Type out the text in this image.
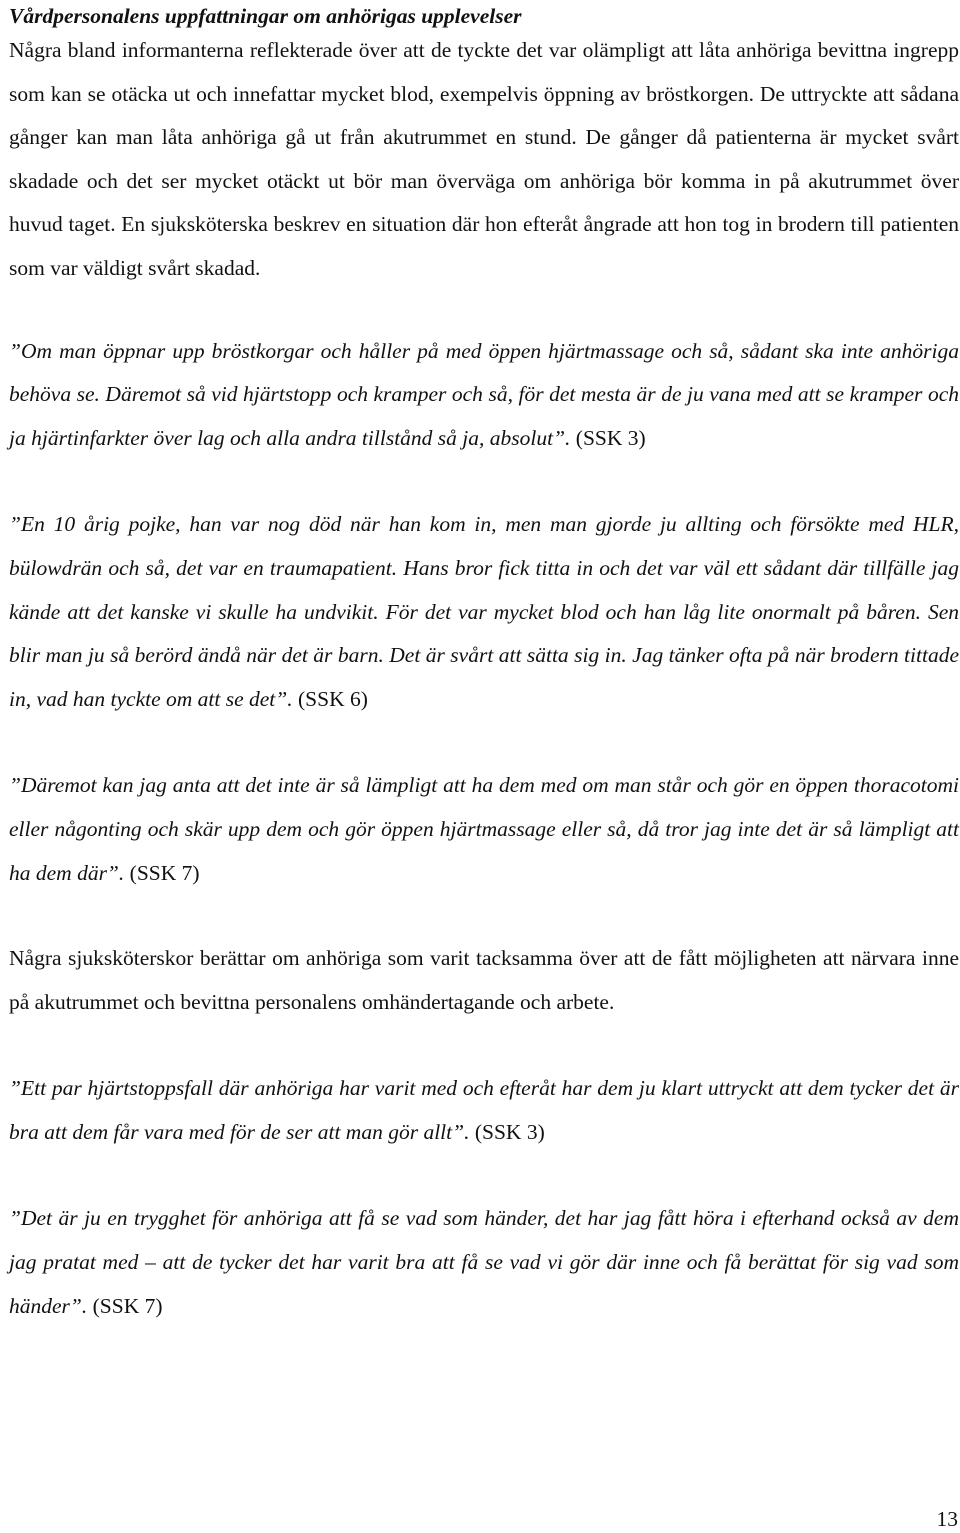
Vårdpersonalens uppfattningar om anhörigas upplevelser

Några bland informanterna reflekterade över att de tyckte det var olämpligt att låta anhöriga bevittna ingrepp som kan se otäcka ut och innefattar mycket blod, exempelvis öppning av bröstkorgen. De uttryckte att sådana gånger kan man låta anhöriga gå ut från akutrummet en stund. De gånger då patienterna är mycket svårt skadade och det ser mycket otäckt ut bör man överväga om anhöriga bör komma in på akutrummet över huvud taget. En sjuksköterska beskrev en situation där hon efteråt ångrade att hon tog in brodern till patienten som var väldigt svårt skadad.

”Om man öppnar upp bröstkorgar och håller på med öppen hjärtmassage och så, sådant ska inte anhöriga behöva se. Däremot så vid hjärtstopp och kramper och så, för det mesta är de ju vana med att se kramper och ja hjärtinfarkter över lag och alla andra tillstånd så ja, absolut”. (SSK 3)

”En 10 årig pojke, han var nog död när han kom in, men man gjorde ju allting och försökte med HLR, bülowdrän och så, det var en traumapatient. Hans bror fick titta in och det var väl ett sådant där tillfälle jag kände att det kanske vi skulle ha undvikit. För det var mycket blod och han låg lite onormalt på båren. Sen blir man ju så berörd ändå när det är barn. Det är svårt att sätta sig in. Jag tänker ofta på när brodern tittade in, vad han tyckte om att se det”. (SSK 6)

”Däremot kan jag anta att det inte är så lämpligt att ha dem med om man står och gör en öppen thoracotomi eller någonting och skär upp dem och gör öppen hjärtmassage eller så, då tror jag inte det är så lämpligt att ha dem där”. (SSK 7)

Några sjuksköterskor berättar om anhöriga som varit tacksamma över att de fått möjligheten att närvara inne på akutrummet och bevittna personalens omhändertagande och arbete.

”Ett par hjärtstoppsfall där anhöriga har varit med och efteråt har dem ju klart uttryckt att dem tycker det är bra att dem får vara med för de ser att man gör allt”. (SSK 3)

”Det är ju en trygghet för anhöriga att få se vad som händer, det har jag fått höra i efterhand också av dem jag pratat med – att de tycker det har varit bra att få se vad vi gör där inne och få berättat för sig vad som händer”. (SSK 7)

13
